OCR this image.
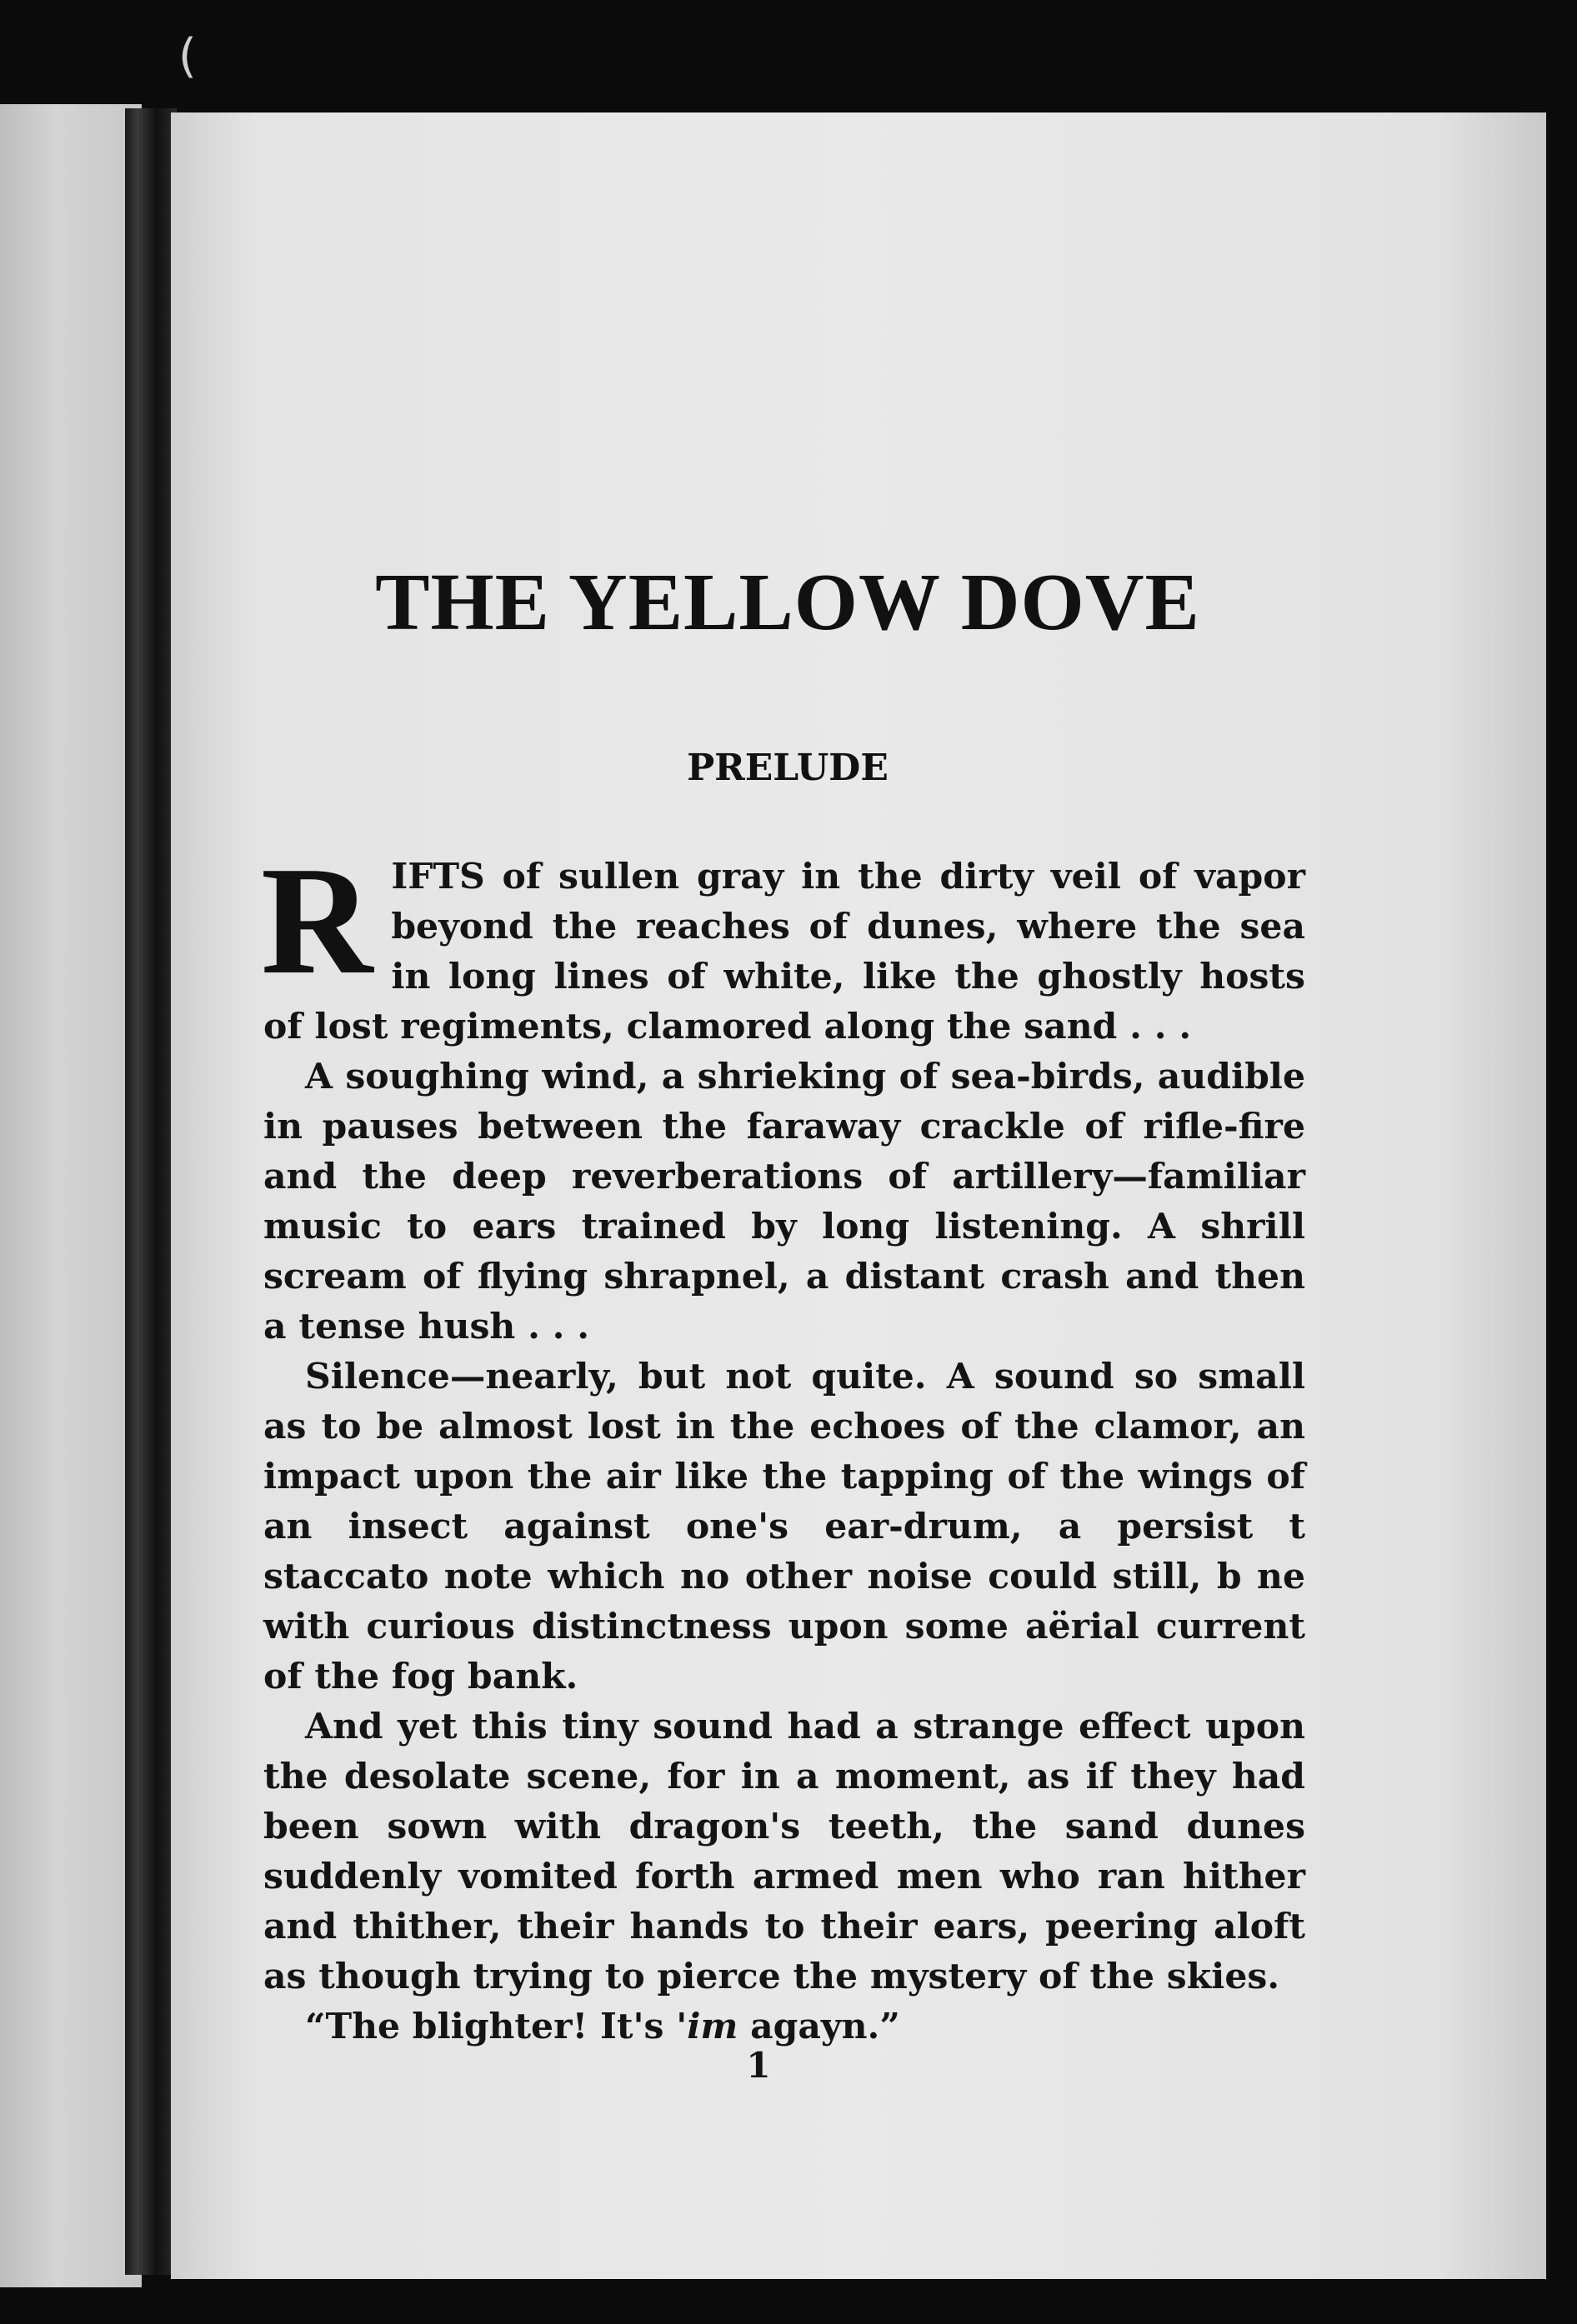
(
THE YELLOW DOVE
PRELUDE

RIFTS of sullen gray in the dirty veil of vapor beyond the reaches of dunes, where the sea in long lines of white, like the ghostly hosts of lost regiments, clamored along the sand . . .

A soughing wind, a shrieking of sea-birds, audible in pauses between the faraway crackle of rifle-fire and the deep reverberations of artillery—familiar music to ears trained by long listening. A shrill scream of flying shrapnel, a distant crash and then a tense hush . . .

Silence—nearly, but not quite. A sound so small as to be almost lost in the echoes of the clamor, an impact upon the air like the tapping of the wings of an insect against one's ear-drum, a persist t staccato note which no other noise could still, b ne with curious distinctness upon some aërial current of the fog bank.

And yet this tiny sound had a strange effect upon the desolate scene, for in a moment, as if they had been sown with dragon's teeth, the sand dunes suddenly vomited forth armed men who ran hither and thither, their hands to their ears, peering aloft as though trying to pierce the mystery of the skies.

“The blighter! It's 'im agayn.”

1
